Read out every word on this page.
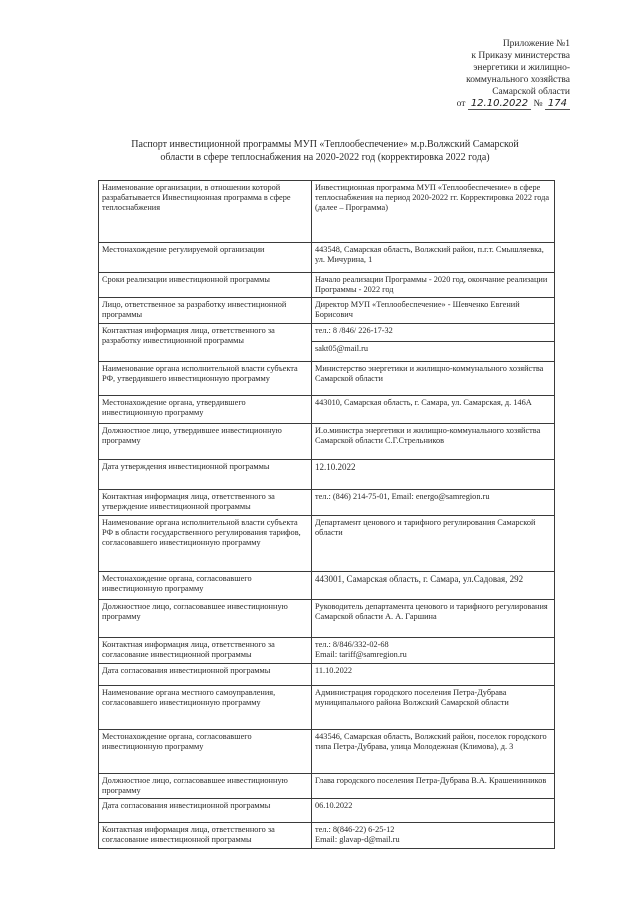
Приложение №1
к Приказу министерства
энергетики и жилищно-
коммунального хозяйства
Самарской области
от 12.10.2022 № 174
Паспорт инвестиционной программы МУП «Теплообеспечение» м.р.Волжский Самарской
области в сфере теплоснабжения на 2020-2022 год (корректировка 2022 года)
Наименование организации, в отношении которой разрабатывается Инвестиционная программа в сфере теплоснабжения	Инвестиционная программа МУП «Теплообеспечение» в сфере теплоснабжения на период 2020-2022 гг. Корректировка 2022 года (далее – Программа)
Местонахождение регулируемой организации	443548, Самарская область, Волжский район, п.г.т. Смышляевка, ул. Мичурина, 1
Сроки реализации инвестиционной программы	Начало реализации Программы - 2020 год, окончание реализации Программы - 2022 год
Лицо, ответственное за разработку инвестиционной программы	Директор МУП «Теплообеспечение» - Шевченко Евгений Борисович
Контактная информация лица, ответственного за разработку инвестиционной программы	тел.: 8 /846/ 226-17-32
sakt05@mail.ru

Наименование органа исполнительной власти субъекта РФ, утвердившего инвестиционную программу	Министерство энергетики и жилищно-коммунального хозяйства Самарской области
Местонахождение органа, утвердившего инвестиционную программу	443010, Самарская область, г. Самара, ул. Самарская, д. 146А
Должностное лицо, утвердившее инвестиционную программу	И.о.министра энергетики и жилищно-коммунального хозяйства Самарской области С.Г.Стрельников
Дата утверждения инвестиционной программы	12.10.2022
Контактная информация лица, ответственного за утверждение инвестиционной программы	тел.: (846) 214-75-01, Email: energo@samregion.ru
Наименование органа исполнительной власти субъекта РФ в области государственного регулирования тарифов, согласовавшего инвестиционную программу	Департамент ценового и тарифного регулирования Самарской области
Местонахождение органа, согласовавшего инвестиционную программу	443001, Самарская область, г. Самара, ул.Садовая, 292
Должностное лицо, согласовавшее инвестиционную программу	Руководитель департамента ценового и тарифного регулирования Самарской области А. А. Гаршина
Контактная информация лица, ответственного за согласование инвестиционной программы	тел.: 8/846/332-02-68
Email: tariff@samregion.ru

Дата согласования инвестиционной программы	11.10.2022
Наименование органа местного самоуправления, согласовавшего инвестиционную программу	Администрация городского поселения Петра-Дубрава муниципального района Волжский Самарской области
Местонахождение органа, согласовавшего инвестиционную программу	443546, Самарская область, Волжский район, поселок городского типа Петра-Дубрава, улица Молодежная (Климова), д. 3
Должностное лицо, согласовавшее инвестиционную программу	Глава городского поселения Петра-Дубрава В.А. Крашенинников
Дата согласования инвестиционной программы	06.10.2022
Контактная информация лица, ответственного за согласование инвестиционной программы	тел.: 8(846-22) 6-25-12
Email: glavap-d@mail.ru
